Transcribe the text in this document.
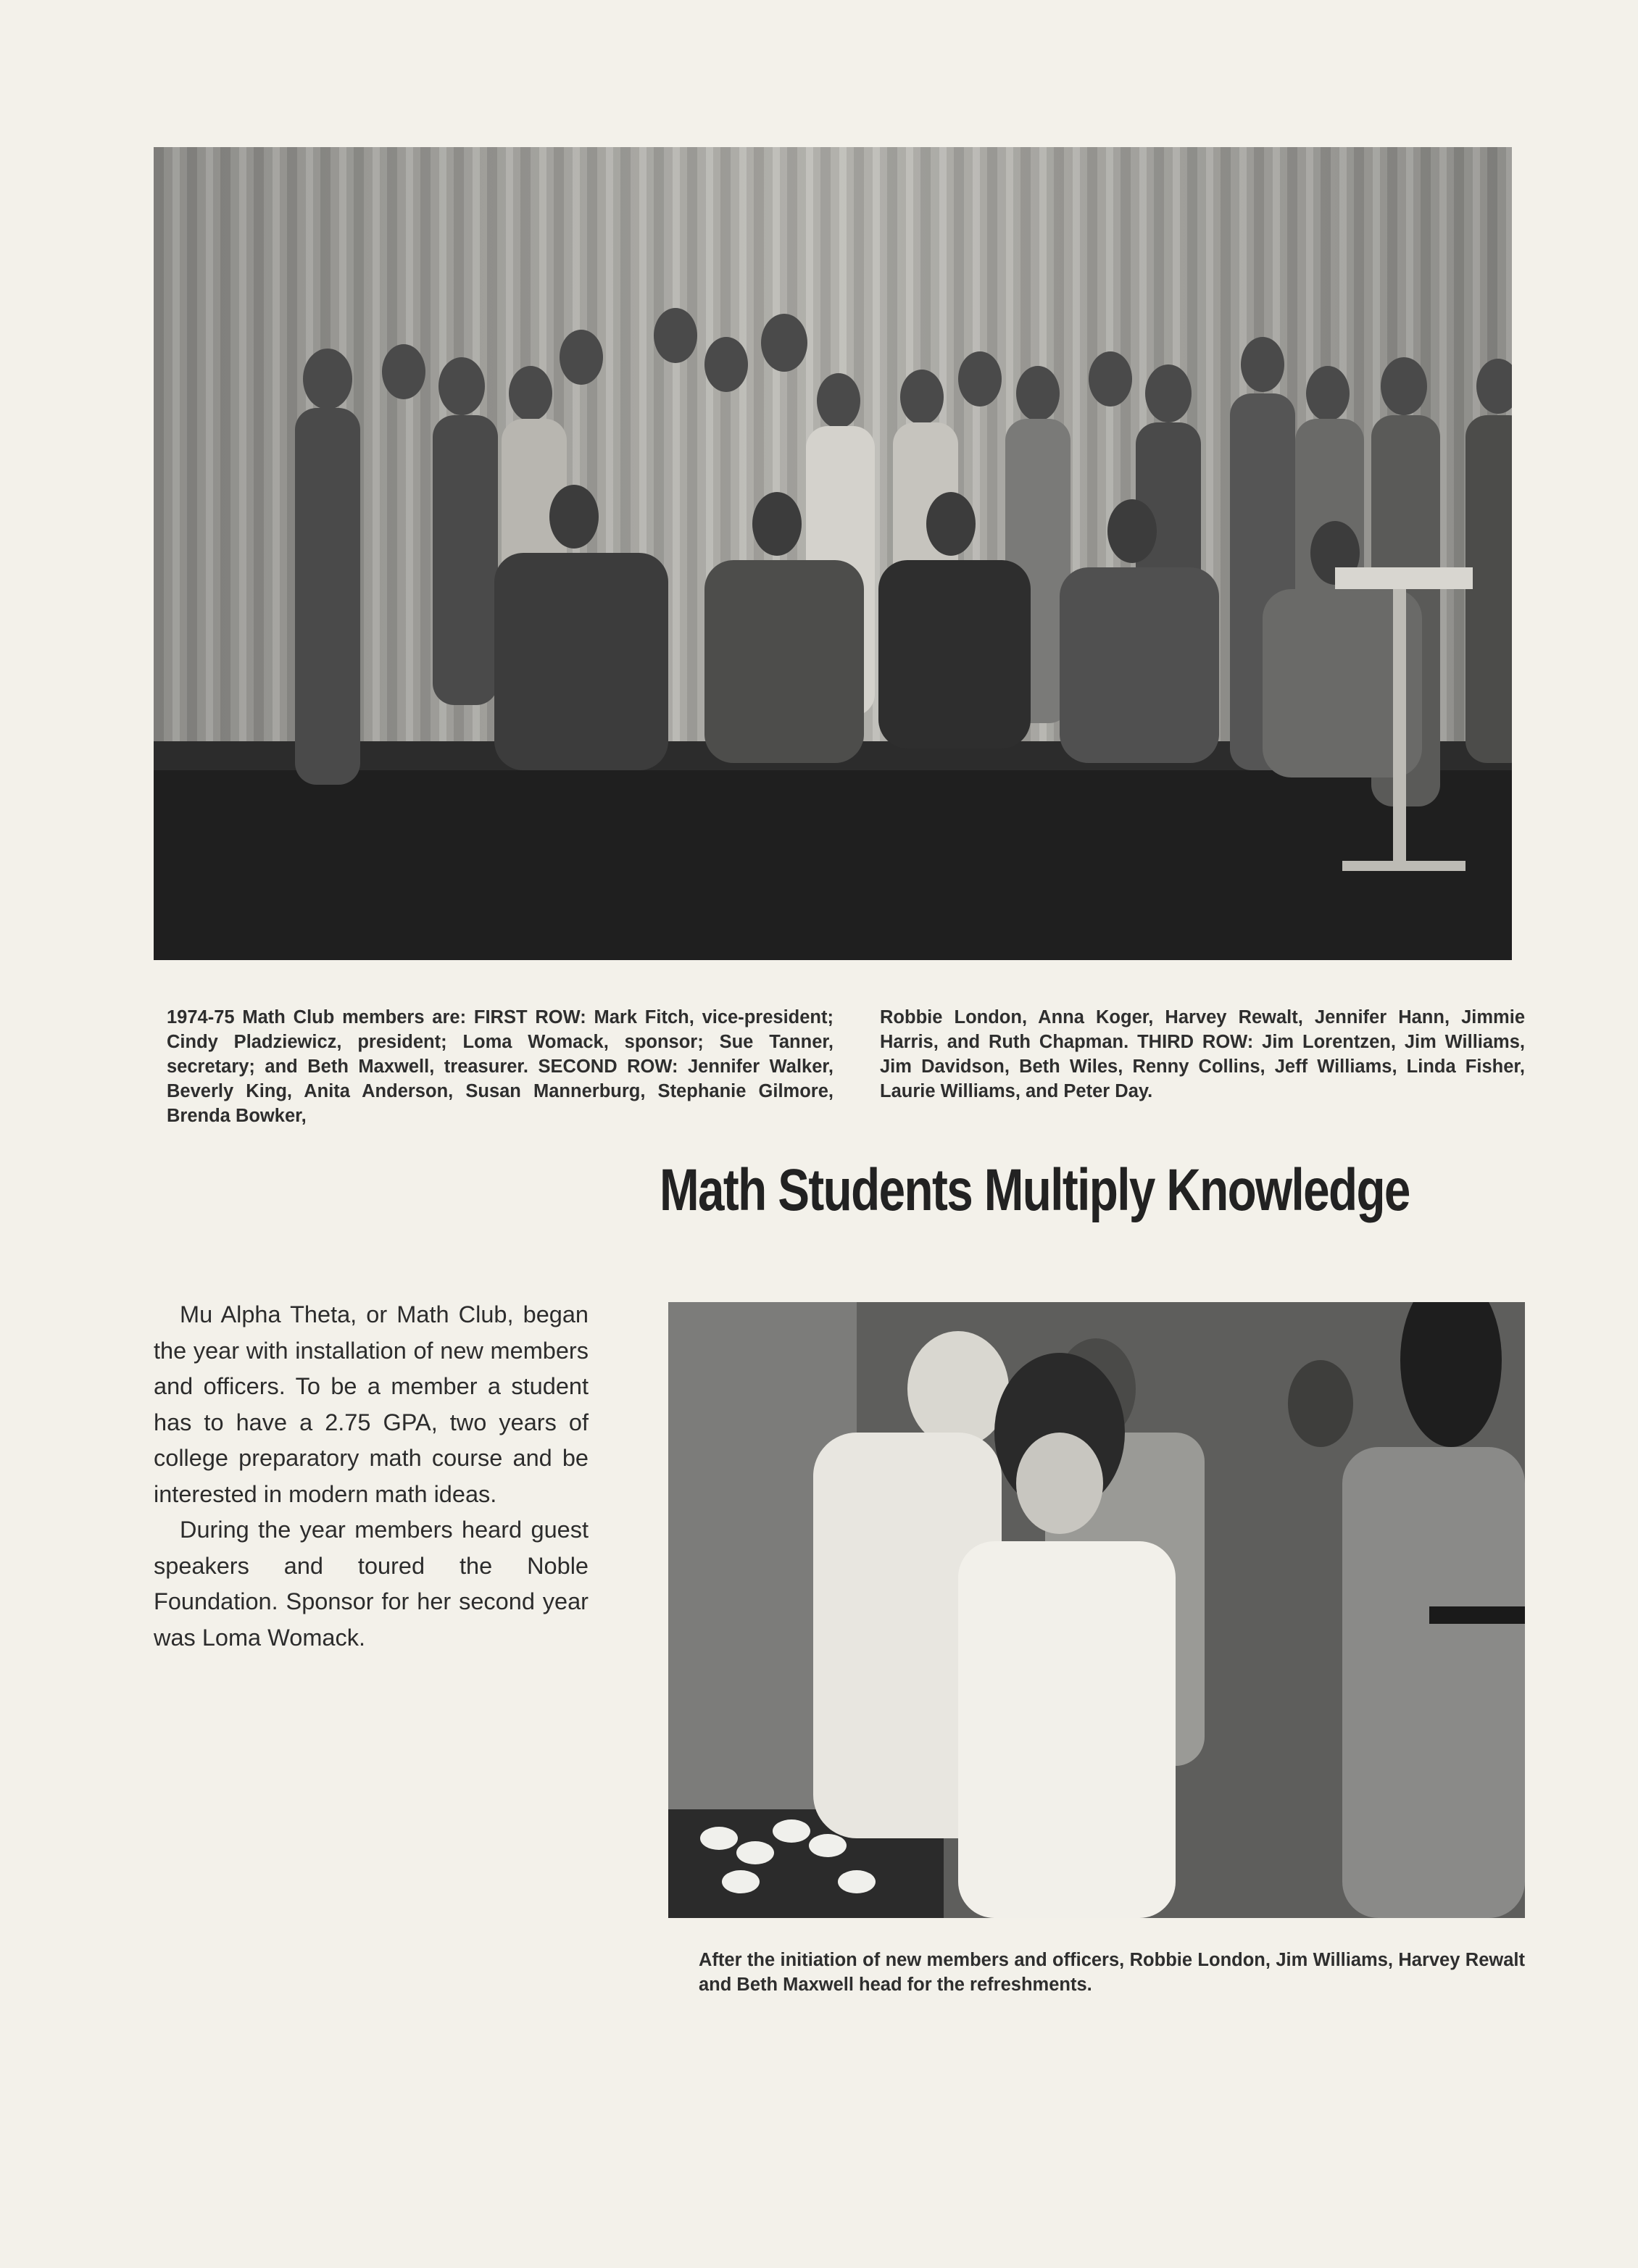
1974-75 Math Club members are: FIRST ROW: Mark Fitch, vice-president; Cindy Pladziewicz, president; Loma Womack, sponsor; Sue Tanner, secretary; and Beth Maxwell, treasurer. SECOND ROW: Jennifer Walker, Beverly King, Anita Anderson, Susan Mannerburg, Stephanie Gilmore, Brenda Bowker,

Robbie London, Anna Koger, Harvey Rewalt, Jennifer Hann, Jimmie Harris, and Ruth Chapman. THIRD ROW: Jim Lorentzen, Jim Williams, Jim Davidson, Beth Wiles, Renny Collins, Jeff Williams, Linda Fisher, Laurie Williams, and Peter Day.

Math Students Multiply Knowledge

Mu Alpha Theta, or Math Club, began the year with installation of new members and officers. To be a member a student has to have a 2.75 GPA, two years of college preparatory math course and be interested in modern math ideas.

During the year members heard guest speakers and toured the Noble Foundation. Sponsor for her second year was Loma Womack.

After the initiation of new members and officers, Robbie London, Jim Williams, Harvey Rewalt and Beth Maxwell head for the refreshments.
